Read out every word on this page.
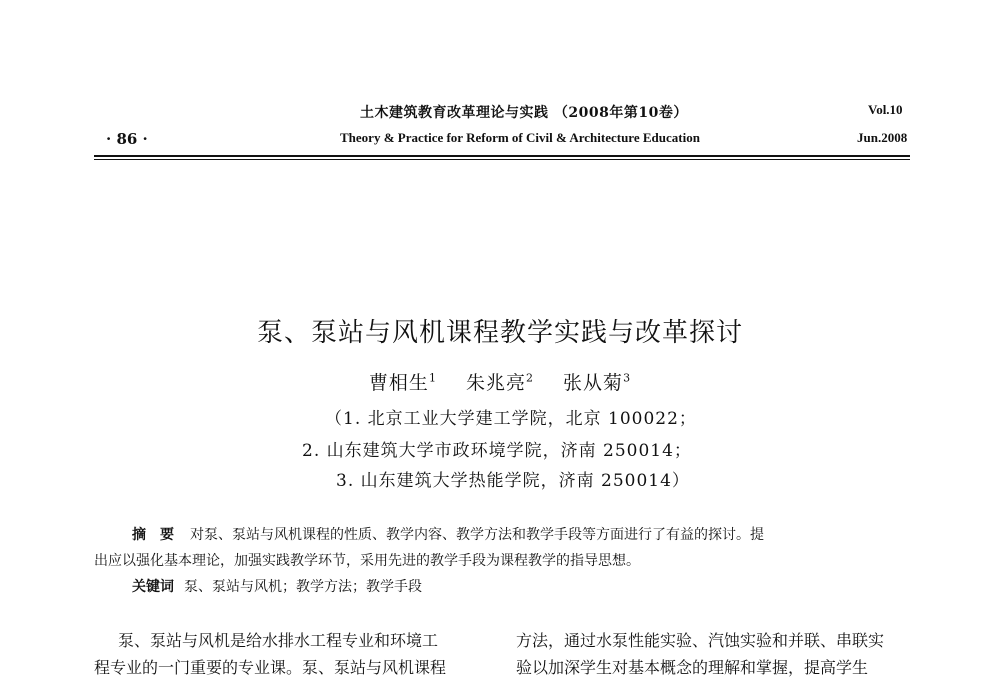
土木建筑教育改革理论与实践 （2008年第10卷）
Theory & Practice for Reform of Civil & Architecture Education
· 86 ·
Vol.10
Jun.2008
泵、泵站与风机课程教学实践与改革探讨
曹相生$^1$ 朱兆亮$^2$ 张从菊$^3$
（1. 北京工业大学建工学院，北京 100022；
2. 山东建筑大学市政环境学院，济南 250014；
3. 山东建筑大学热能学院，济南 250014）
摘要 对泵、泵站与风机课程的性质、教学内容、教学方法和教学手段等方面进行了有益的探讨。提
出应以强化基本理论，加强实践教学环节，采用先进的教学手段为课程教学的指导思想。
关键词 泵、泵站与风机；教学方法；教学手段
泵、泵站与风机是给水排水工程专业和环境工
程专业的一门重要的专业课。泵、泵站与风机课程
方法，通过水泵性能实验、汽蚀实验和并联、串联实
验以加深学生对基本概念的理解和掌握，提高学生
